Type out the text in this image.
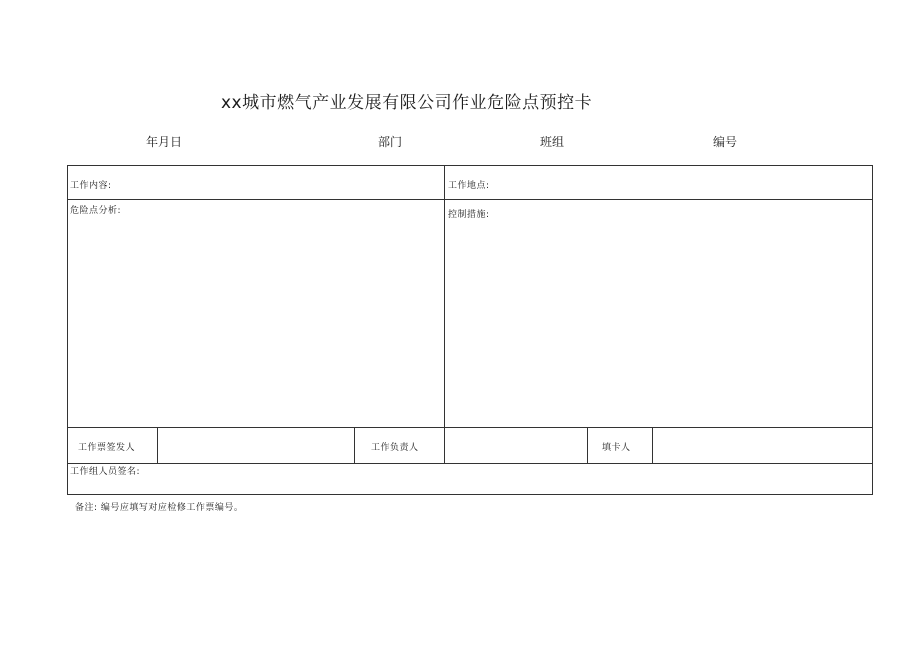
xx城市燃气产业发展有限公司作业危险点预控卡
年月日	部门	班组	编号
工作内容:	工作地点:
危险点分析:	控制措施:
工作票签发人	工作负责人	填卡人
工作组人员签名:
备注: 编号应填写对应检修工作票编号。
